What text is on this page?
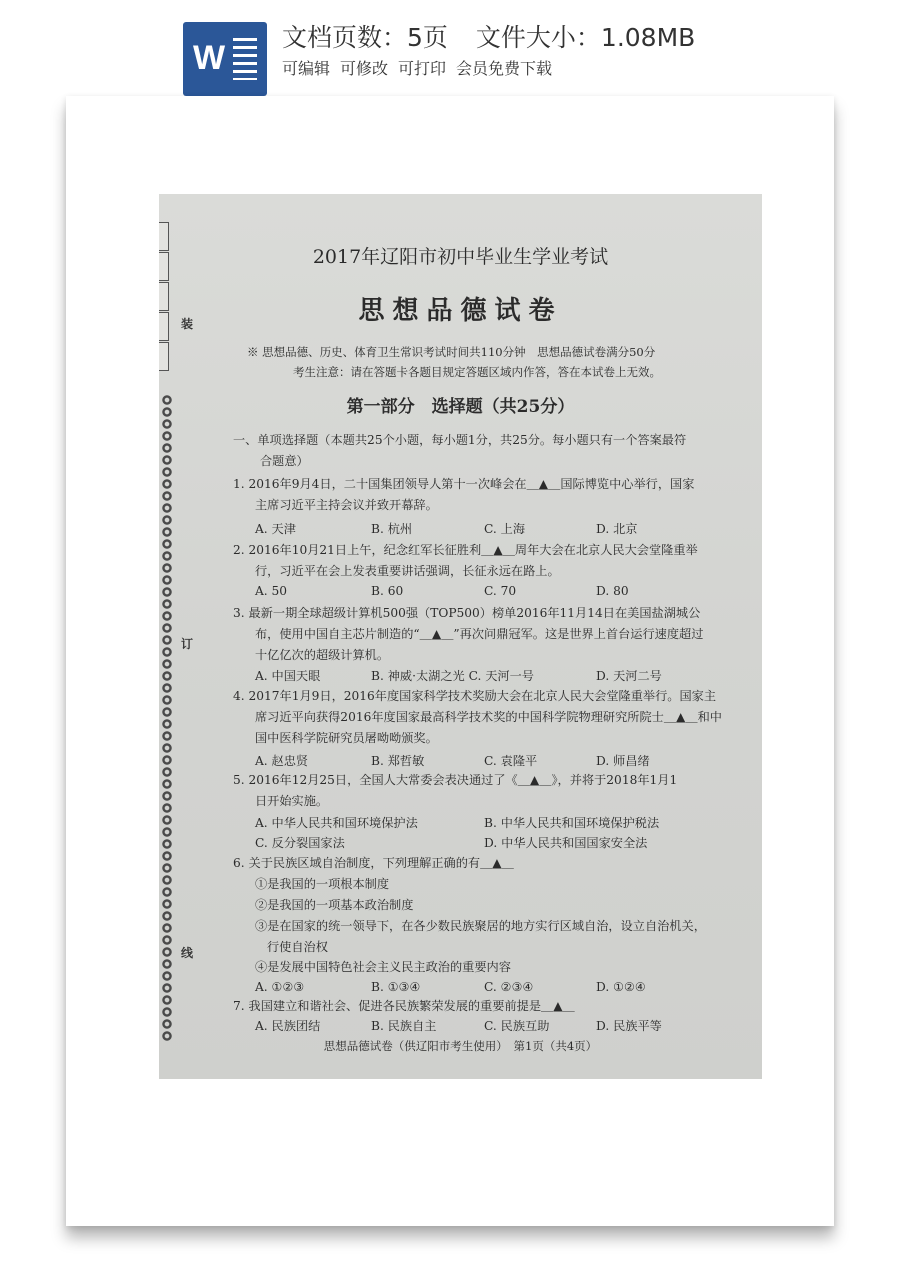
W
文档页数：5页 文件大小：1.08MB
可编辑 可修改 可打印 会员免费下载
装
订
线
2017年辽阳市初中毕业生学业考试
思想品德试卷
※ 思想品德、历史、体育卫生常识考试时间共110分钟　思想品德试卷满分50分
考生注意：请在答题卡各题目规定答题区域内作答，答在本试卷上无效。
第一部分　选择题（共25分）
一、单项选择题（本题共25个小题，每小题1分，共25分。每小题只有一个答案最符
合题意）
1. 2016年9月4日，二十国集团领导人第十一次峰会在＿▲＿国际博览中心举行，国家
主席习近平主持会议并致开幕辞。
A. 天津	B. 杭州	C. 上海	D. 北京
2. 2016年10月21日上午，纪念红军长征胜利＿▲＿周年大会在北京人民大会堂隆重举
行，习近平在会上发表重要讲话强调，长征永远在路上。
A. 50	B. 60	C. 70	D. 80
3. 最新一期全球超级计算机500强（TOP500）榜单2016年11月14日在美国盐湖城公
布，使用中国自主芯片制造的“＿▲＿”再次问鼎冠军。这是世界上首台运行速度超过
十亿亿次的超级计算机。
A. 中国天眼	B. 神威·太湖之光 C. 天河一号	D. 天河二号
4. 2017年1月9日，2016年度国家科学技术奖励大会在北京人民大会堂隆重举行。国家主
席习近平向获得2016年度国家最高科学技术奖的中国科学院物理研究所院士＿▲＿和中
国中医科学院研究员屠呦呦颁奖。
A. 赵忠贤	B. 郑哲敏	C. 袁隆平	D. 师昌绪
5. 2016年12月25日，全国人大常委会表决通过了《＿▲＿》，并将于2018年1月1
日开始实施。
A. 中华人民共和国环境保护法	B. 中华人民共和国环境保护税法
C. 反分裂国家法	D. 中华人民共和国国家安全法
6. 关于民族区域自治制度，下列理解正确的有＿▲＿
①是我国的一项根本制度
②是我国的一项基本政治制度
③是在国家的统一领导下，在各少数民族聚居的地方实行区域自治，设立自治机关，
行使自治权
④是发展中国特色社会主义民主政治的重要内容
A. ①②③	B. ①③④	C. ②③④	D. ①②④
7. 我国建立和谐社会、促进各民族繁荣发展的重要前提是＿▲＿
A. 民族团结	B. 民族自主	C. 民族互助	D. 民族平等
思想品德试卷（供辽阳市考生使用）　第1页（共4页）
